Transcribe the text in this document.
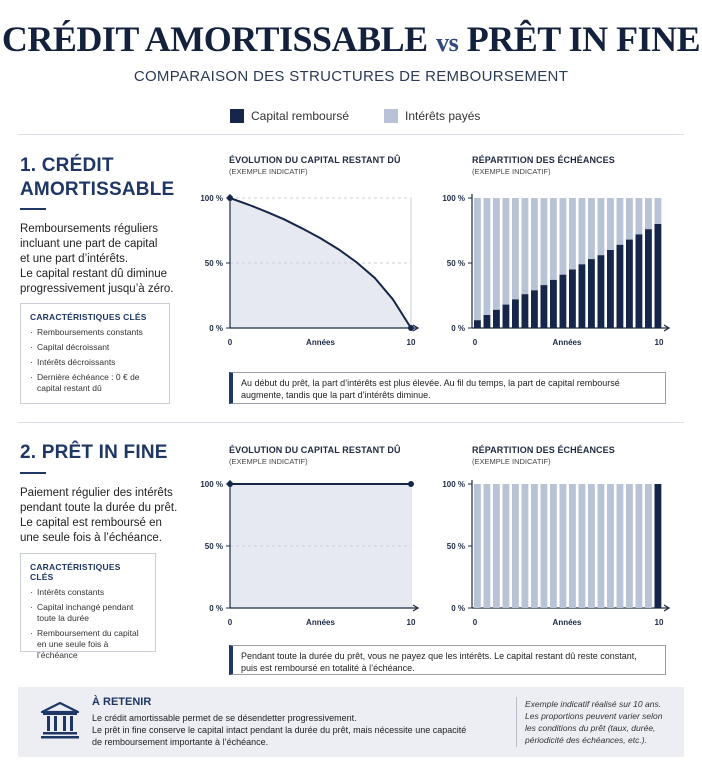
CRÉDIT AMORTISSABLE vs PRÊT IN FINE
COMPARAISON DES STRUCTURES DE REMBOURSEMENT
Capital remboursé	Intérêts payés
1. CRÉDIT
AMORTISSABLE
Remboursements réguliers
incluant une part de capital
et une part d’intérêts.
Le capital restant dû diminue
progressivement jusqu’à zéro.
CARACTÉRISTIQUES CLÉS
· Remboursements constants
· Capital décroissant
· Intérêts décroissants
· Dernière échéance : 0 € de capital restant dû
ÉVOLUTION DU CAPITAL RESTANT DÛ
(EXEMPLE INDICATIF)
RÉPARTITION DES ÉCHÉANCES
(EXEMPLE INDICATIF)
0 %
50 %
100 %
0	10
Années
0 %
50 %
100 %
0	10
Années
Au début du prêt, la part d’intérêts est plus élevée. Au fil du temps, la part de capital remboursé
augmente, tandis que la part d’intérêts diminue.
2. PRÊT IN FINE
Paiement régulier des intérêts
pendant toute la durée du prêt.
Le capital est remboursé en
une seule fois à l’échéance.
CARACTÉRISTIQUES CLÉS
· Intérêts constants
· Capital inchangé pendant toute la durée
· Remboursement du capital en une seule fois à l’échéance
ÉVOLUTION DU CAPITAL RESTANT DÛ
(EXEMPLE INDICATIF)
RÉPARTITION DES ÉCHÉANCES
(EXEMPLE INDICATIF)
0 %
50 %
100 %
0	10
Années
0 %
50 %
100 %
0	10
Années
Pendant toute la durée du prêt, vous ne payez que les intérêts. Le capital restant dû reste constant,
puis est remboursé en totalité à l’échéance.
À RETENIR
Le crédit amortissable permet de se désendetter progressivement.
Le prêt in fine conserve le capital intact pendant la durée du prêt, mais nécessite une capacité
de remboursement importante à l’échéance.
Exemple indicatif réalisé sur 10 ans.
Les proportions peuvent varier selon
les conditions du prêt (taux, durée,
périodicité des échéances, etc.).
